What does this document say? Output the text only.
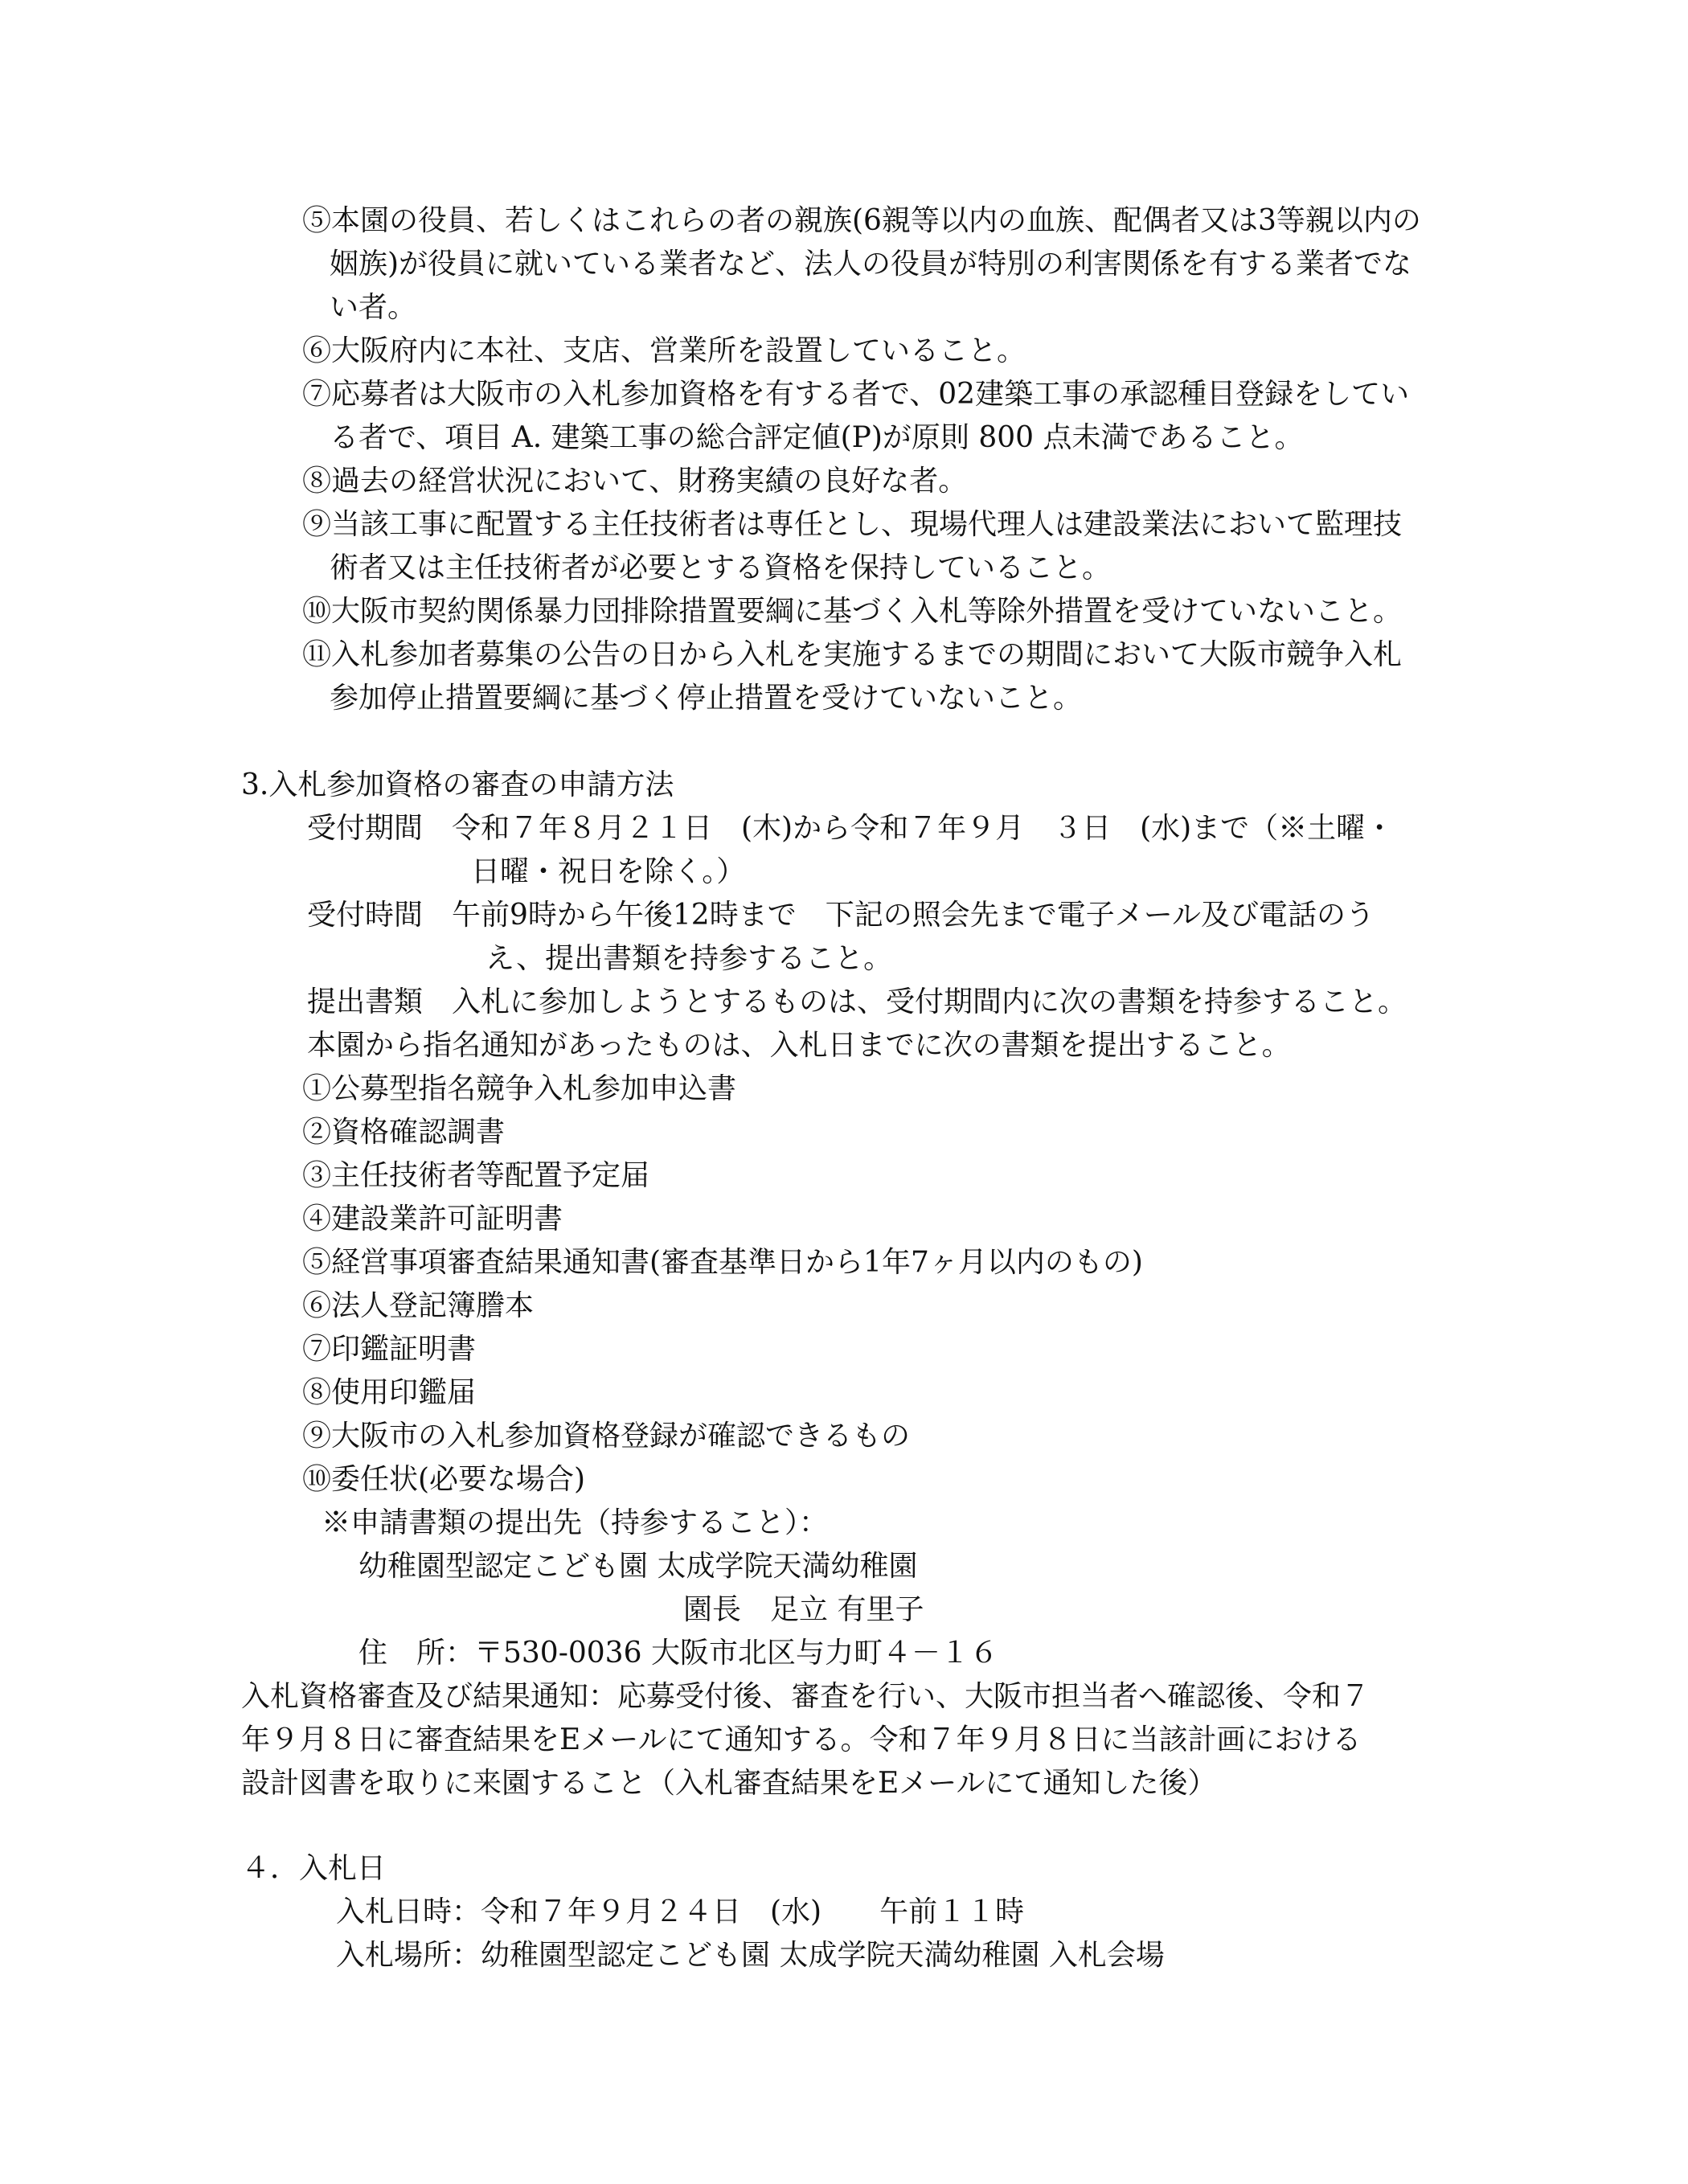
⑤本園の役員、若しくはこれらの者の親族(6親等以内の血族、配偶者又は3等親以内の
姻族)が役員に就いている業者など、法人の役員が特別の利害関係を有する業者でな
い者。
⑥大阪府内に本社、支店、営業所を設置していること。
⑦応募者は大阪市の入札参加資格を有する者で、02建築工事の承認種目登録をしてい
る者で、項目 A. 建築工事の総合評定値(P)が原則 800 点未満であること。
⑧過去の経営状況において、財務実績の良好な者。
⑨当該工事に配置する主任技術者は専任とし、現場代理人は建設業法において監理技
術者又は主任技術者が必要とする資格を保持していること。
⑩大阪市契約関係暴力団排除措置要綱に基づく入札等除外措置を受けていないこと。
⑪入札参加者募集の公告の日から入札を実施するまでの期間において大阪市競争入札
参加停止措置要綱に基づく停止措置を受けていないこと。
3.入札参加資格の審査の申請方法
受付期間　令和７年８月２１日　(木)から令和７年９月　３日　(水)まで（※土曜・
日曜・祝日を除く。）
受付時間　午前9時から午後12時まで　下記の照会先まで電子メール及び電話のう
え、提出書類を持参すること。
提出書類　入札に参加しようとするものは、受付期間内に次の書類を持参すること。
本園から指名通知があったものは、入札日までに次の書類を提出すること。
①公募型指名競争入札参加申込書
②資格確認調書
③主任技術者等配置予定届
④建設業許可証明書
⑤経営事項審査結果通知書(審査基準日から1年7ヶ月以内のもの)
⑥法人登記簿謄本
⑦印鑑証明書
⑧使用印鑑届
⑨大阪市の入札参加資格登録が確認できるもの
⑩委任状(必要な場合)
※申請書類の提出先（持参すること）：
幼稚園型認定こども園 太成学院天満幼稚園
園長　足立 有里子
住　所：〒530-0036 大阪市北区与力町４－１６
入札資格審査及び結果通知：応募受付後、審査を行い、大阪市担当者へ確認後、令和７
年９月８日に審査結果をEメールにて通知する。令和７年９月８日に当該計画における
設計図書を取りに来園すること（入札審査結果をEメールにて通知した後）
４．入札日
入札日時：令和７年９月２４日　(水)　　午前１１時
入札場所：幼稚園型認定こども園 太成学院天満幼稚園 入札会場
